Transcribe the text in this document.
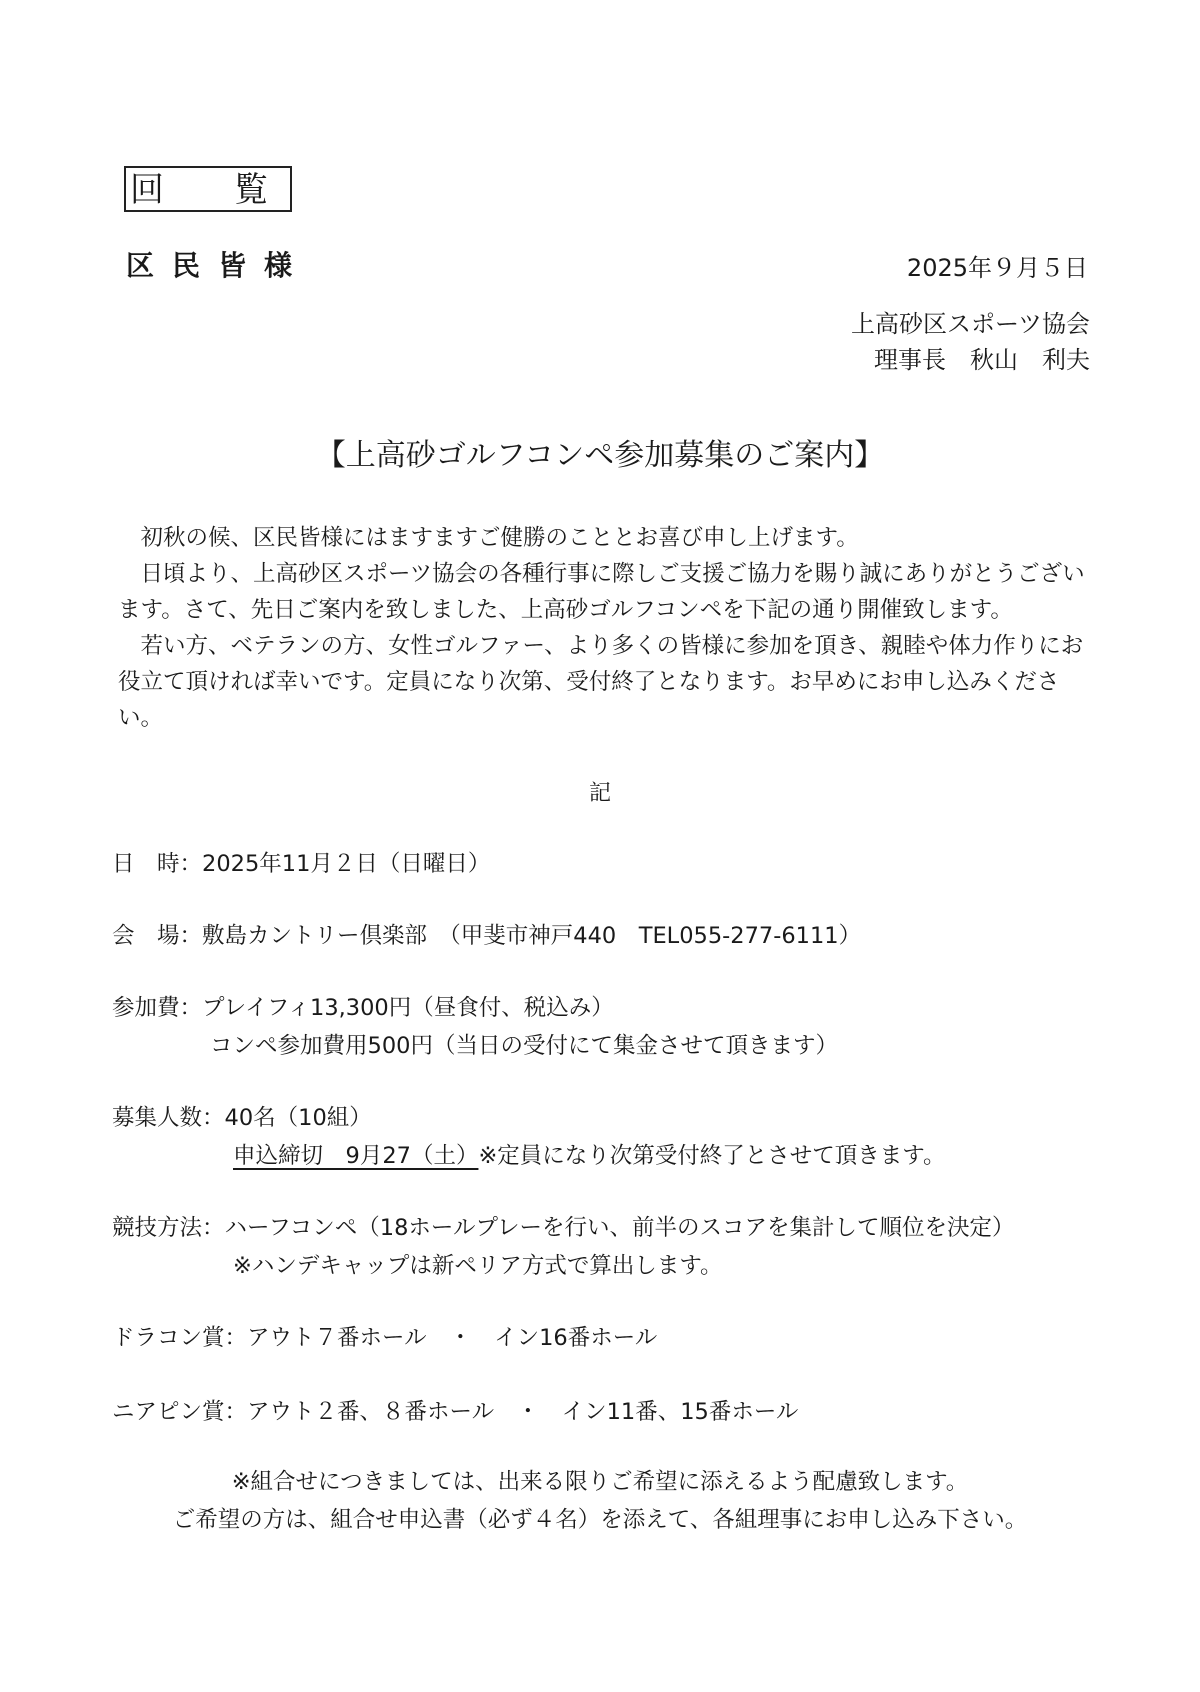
回　覧
区民皆様	2025年９月５日
上高砂区スポーツ協会
理事長　秋山　利夫
【上高砂ゴルフコンペ参加募集のご案内】

初秋の候、区民皆様にはますますご健勝のこととお喜び申し上げます。

日頃より、上高砂区スポーツ協会の各種行事に際しご支援ご協力を賜り誠にありがとうございます。さて、先日ご案内を致しました、上高砂ゴルフコンペを下記の通り開催致します。

若い方、ベテランの方、女性ゴルファー、より多くの皆様に参加を頂き、親睦や体力作りにお役立て頂ければ幸いです。定員になり次第、受付終了となります。お早めにお申し込みください。

記
日　時：2025年11月２日（日曜日）
会　場：敷島カントリー倶楽部　（甲斐市神戸440　TEL055-277-6111）
参加費：プレイフィ13,300円（昼食付、税込み）
コンペ参加費用500円（当日の受付にて集金させて頂きます）
募集人数：40名（10組）
申込締切　9月27（土）※定員になり次第受付終了とさせて頂きます。
競技方法：ハーフコンペ（18ホールプレーを行い、前半のスコアを集計して順位を決定）
※ハンデキャップは新ペリア方式で算出します。
ドラコン賞：アウト７番ホール　・　イン16番ホール
ニアピン賞：アウト２番、８番ホール　・　イン11番、15番ホール
※組合せにつきましては、出来る限りご希望に添えるよう配慮致します。
ご希望の方は、組合せ申込書（必ず４名）を添えて、各組理事にお申し込み下さい。
